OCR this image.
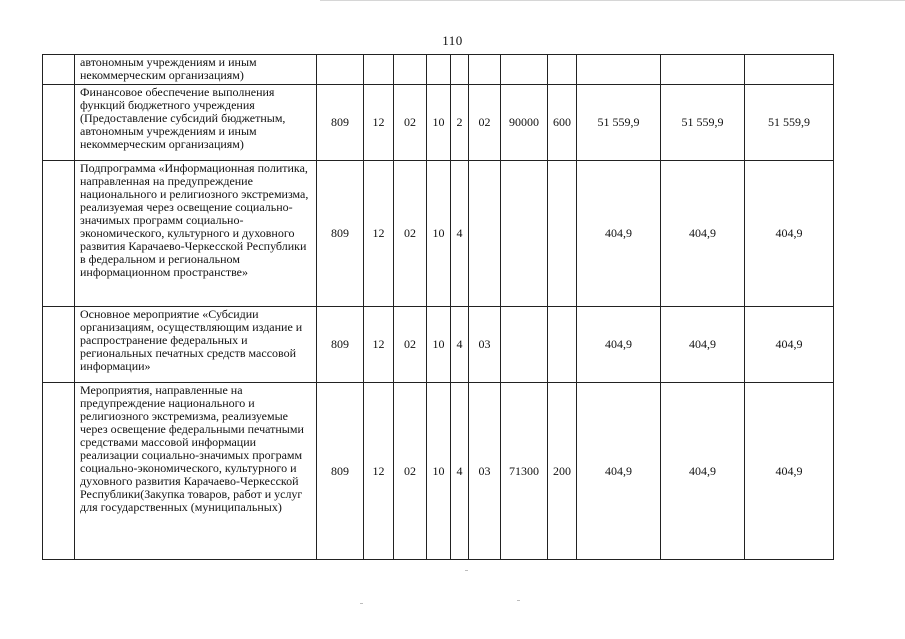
110
	автономным учреждениям и иным некоммерческим организациям)											
	Финансовое обеспечение выполнения функций бюджетного учреждения (Предоставление субсидий бюджетным, автономным учреждениям и иным некоммерческим организациям)	809	12	02	10	2	02	90000	600	51 559,9	51 559,9	51 559,9
	Подпрограмма «Информационная политика, направленная на предупреждение национального и религиозного экстремизма, реализуемая через освещение социально-значимых программ социально-экономического, культурного и духовного развития Карачаево-Черкесской Республики в федеральном и региональном информационном пространстве»	809	12	02	10	4				404,9	404,9	404,9
	Основное мероприятие «Субсидии организациям, осуществляющим издание и распространение федеральных и региональных печатных средств массовой информации»	809	12	02	10	4	03			404,9	404,9	404,9
	Мероприятия, направленные на предупреждение национального и религиозного экстремизма, реализуемые через освещение федеральными печатными средствами массовой информации реализации социально-значимых программ социально-экономического, культурного и духовного развития Карачаево-Черкесской Республики(Закупка товаров, работ и услуг для государственных (муниципальных)	809	12	02	10	4	03	71300	200	404,9	404,9	404,9
